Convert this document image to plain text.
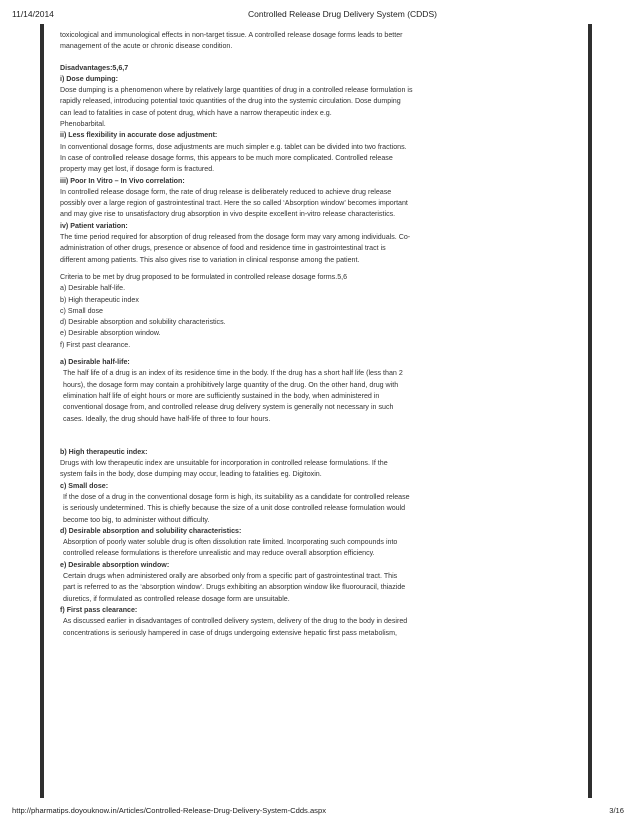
11/14/2014	Controlled Release Drug Delivery System (CDDS)

toxicological and immunological effects in non-target tissue. A controlled release dosage forms leads to better

management of the acute or chronic disease condition.

Disadvantages:5,6,7

i) Dose dumping:

Dose dumping is a phenomenon where by relatively large quantities of drug in a controlled release formulation is

rapidly released, introducing potential toxic quantities of the drug into the systemic circulation. Dose dumping

can lead to fatalities in case of potent drug, which have a narrow therapeutic index e.g.

Phenobarbital.

ii) Less flexibility in accurate dose adjustment:

In conventional dosage forms, dose adjustments are much simpler e.g. tablet can be divided into two fractions.

In case of controlled release dosage forms, this appears to be much more complicated. Controlled release

property may get lost, if dosage form is fractured.

iii) Poor In Vitro – In Vivo correlation:

In controlled release dosage form, the rate of drug release is deliberately reduced to achieve drug release

possibly over a large region of gastrointestinal tract. Here the so called ‘Absorption window’ becomes important

and may give rise to unsatisfactory drug absorption in vivo despite excellent in-vitro release characteristics.

iv) Patient variation:

The time period required for absorption of drug released from the dosage form may vary among individuals. Co-

administration of other drugs, presence or absence of food and residence time in gastrointestinal tract is

different among patients. This also gives rise to variation in clinical response among the patient.

Criteria to be met by drug proposed to be formulated in controlled release dosage forms.5,6

a) Desirable half-life.

b) High therapeutic index

c) Small dose

d) Desirable absorption and solubility characteristics.

e) Desirable absorption window.

f) First past clearance.

a) Desirable half-life:

The half life of a drug is an index of its residence time in the body. If the drug has a short half life (less than 2

hours), the dosage form may contain a prohibitively large quantity of the drug. On the other hand, drug with

elimination half life of eight hours or more are sufficiently sustained in the body, when administered in

conventional dosage from, and controlled release drug delivery system is generally not necessary in such

cases. Ideally, the drug should have half-life of three to four hours.

b) High therapeutic index:

Drugs with low therapeutic index are unsuitable for incorporation in controlled release formulations. If the

system fails in the body, dose dumping may occur, leading to fatalities eg. Digitoxin.

c) Small dose:

If the dose of a drug in the conventional dosage form is high, its suitability as a candidate for controlled release

is seriously undetermined. This is chiefly because the size of a unit dose controlled release formulation would

become too big, to administer without difficulty.

d) Desirable absorption and solubility characteristics:

Absorption of poorly water soluble drug is often dissolution rate limited. Incorporating such compounds into

controlled release formulations is therefore unrealistic and may reduce overall absorption efficiency.

e) Desirable absorption window:

Certain drugs when administered orally are absorbed only from a specific part of gastrointestinal tract. This

part is referred to as the ‘absorption window’. Drugs exhibiting an absorption window like fluorouracil, thiazide

diuretics, if formulated as controlled release dosage form are unsuitable.

f) First pass clearance:

As discussed earlier in disadvantages of controlled delivery system, delivery of the drug to the body in desired

concentrations is seriously hampered in case of drugs undergoing extensive hepatic first pass metabolism,

http://pharmatips.doyouknow.in/Articles/Controlled-Release-Drug-Delivery-System-Cdds.aspx	3/16
